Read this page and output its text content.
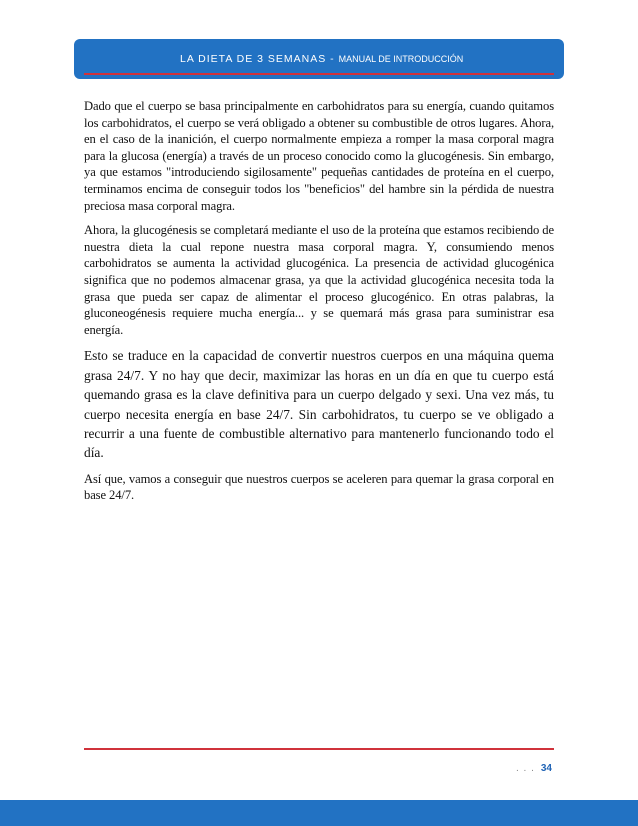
LA DIETA DE 3 SEMANAS - MANUAL DE INTRODUCCIÓN

Dado que el cuerpo se basa principalmente en carbohidratos para su energía, cuando quitamos los carbohidratos, el cuerpo se verá obligado a obtener su combustible de otros lugares. Ahora, en el caso de la inanición, el cuerpo normalmente empieza a romper la masa corporal magra para la glucosa (energía) a través de un proceso conocido como la glucogénesis. Sin embargo, ya que estamos "introduciendo sigilosamente" pequeñas cantidades de proteína en el cuerpo, terminamos encima de conseguir todos los "beneficios" del hambre sin la pérdida de nuestra preciosa masa corporal magra.

Ahora, la glucogénesis se completará mediante el uso de la proteína que estamos recibiendo de nuestra dieta la cual repone nuestra masa corporal magra. Y, consumiendo menos carbohidratos se aumenta la actividad glucogénica. La presencia de actividad glucogénica significa que no podemos almacenar grasa, ya que la actividad glucogénica necesita toda la grasa que pueda ser capaz de alimentar el proceso glucogénico. En otras palabras, la gluconeogénesis requiere mucha energía... y se quemará más grasa para suministrar esa energía.

Esto se traduce en la capacidad de convertir nuestros cuerpos en una máquina quema grasa 24/7. Y no hay que decir, maximizar las horas en un día en que tu cuerpo está quemando grasa es la clave definitiva para un cuerpo delgado y sexi. Una vez más, tu cuerpo necesita energía en base 24/7. Sin carbohidratos, tu cuerpo se ve obligado a recurrir a una fuente de combustible alternativo para mantenerlo funcionando todo el día.

Así que, vamos a conseguir que nuestros cuerpos se aceleren para quemar la grasa corporal en base 24/7.

. . . 34
